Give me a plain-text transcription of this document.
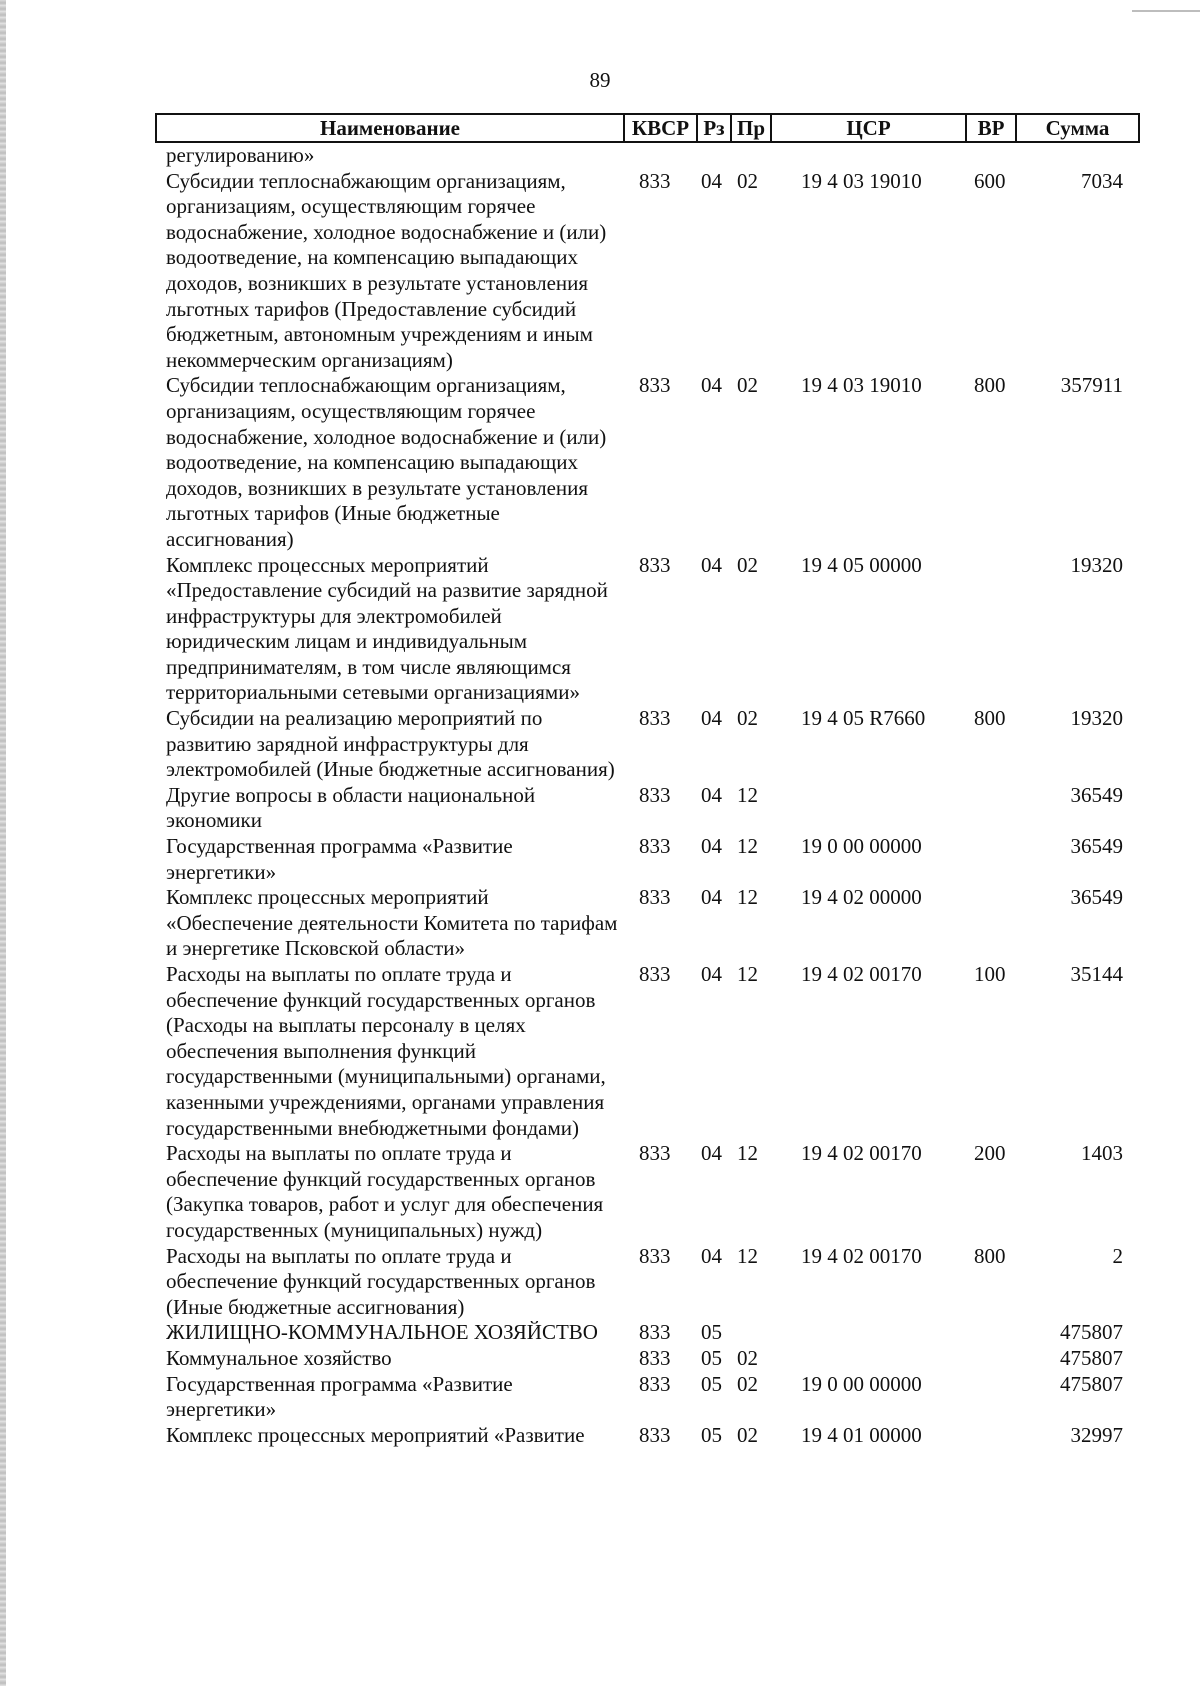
89
Наименование	КВСР	Рз	Пр	ЦСР	ВР	Сумма
регулированию»						
Субсидии теплоснабжающим организациям, организациям, осуществляющим горячее водоснабжение, холодное водоснабжение и (или) водоотведение, на компенсацию выпадающих доходов, возникших в результате установления льготных тарифов (Предоставление субсидий бюджетным, автономным учреждениям и иным некоммерческим организациям)	833	04	02	19 4 03 19010	600	7034
Субсидии теплоснабжающим организациям, организациям, осуществляющим горячее водоснабжение, холодное водоснабжение и (или) водоотведение, на компенсацию выпадающих доходов, возникших в результате установления льготных тарифов (Иные бюджетные ассигнования)	833	04	02	19 4 03 19010	800	357911
Комплекс процессных мероприятий «Предоставление субсидий на развитие зарядной инфраструктуры для электромобилей юридическим лицам и индивидуальным предпринимателям, в том числе являющимся территориальными сетевыми организациями»	833	04	02	19 4 05 00000		19320
Субсидии на реализацию мероприятий по развитию зарядной инфраструктуры для электромобилей (Иные бюджетные ассигнования)	833	04	02	19 4 05 R7660	800	19320
Другие вопросы в области национальной экономики	833	04	12			36549
Государственная программа «Развитие энергетики»	833	04	12	19 0 00 00000		36549
Комплекс процессных мероприятий «Обеспечение деятельности Комитета по тарифам и энергетике Псковской области»	833	04	12	19 4 02 00000		36549
Расходы на выплаты по оплате труда и обеспечение функций государственных органов (Расходы на выплаты персоналу в целях обеспечения выполнения функций государственными (муниципальными) органами, казенными учреждениями, органами управления государственными внебюджетными фондами)	833	04	12	19 4 02 00170	100	35144
Расходы на выплаты по оплате труда и обеспечение функций государственных органов (Закупка товаров, работ и услуг для обеспечения государственных (муниципальных) нужд)	833	04	12	19 4 02 00170	200	1403
Расходы на выплаты по оплате труда и обеспечение функций государственных органов (Иные бюджетные ассигнования)	833	04	12	19 4 02 00170	800	2
ЖИЛИЩНО-КОММУНАЛЬНОЕ ХОЗЯЙСТВО	833	05				475807
Коммунальное хозяйство	833	05	02			475807
Государственная программа «Развитие энергетики»	833	05	02	19 0 00 00000		475807
Комплекс процессных мероприятий «Развитие	833	05	02	19 4 01 00000		32997
